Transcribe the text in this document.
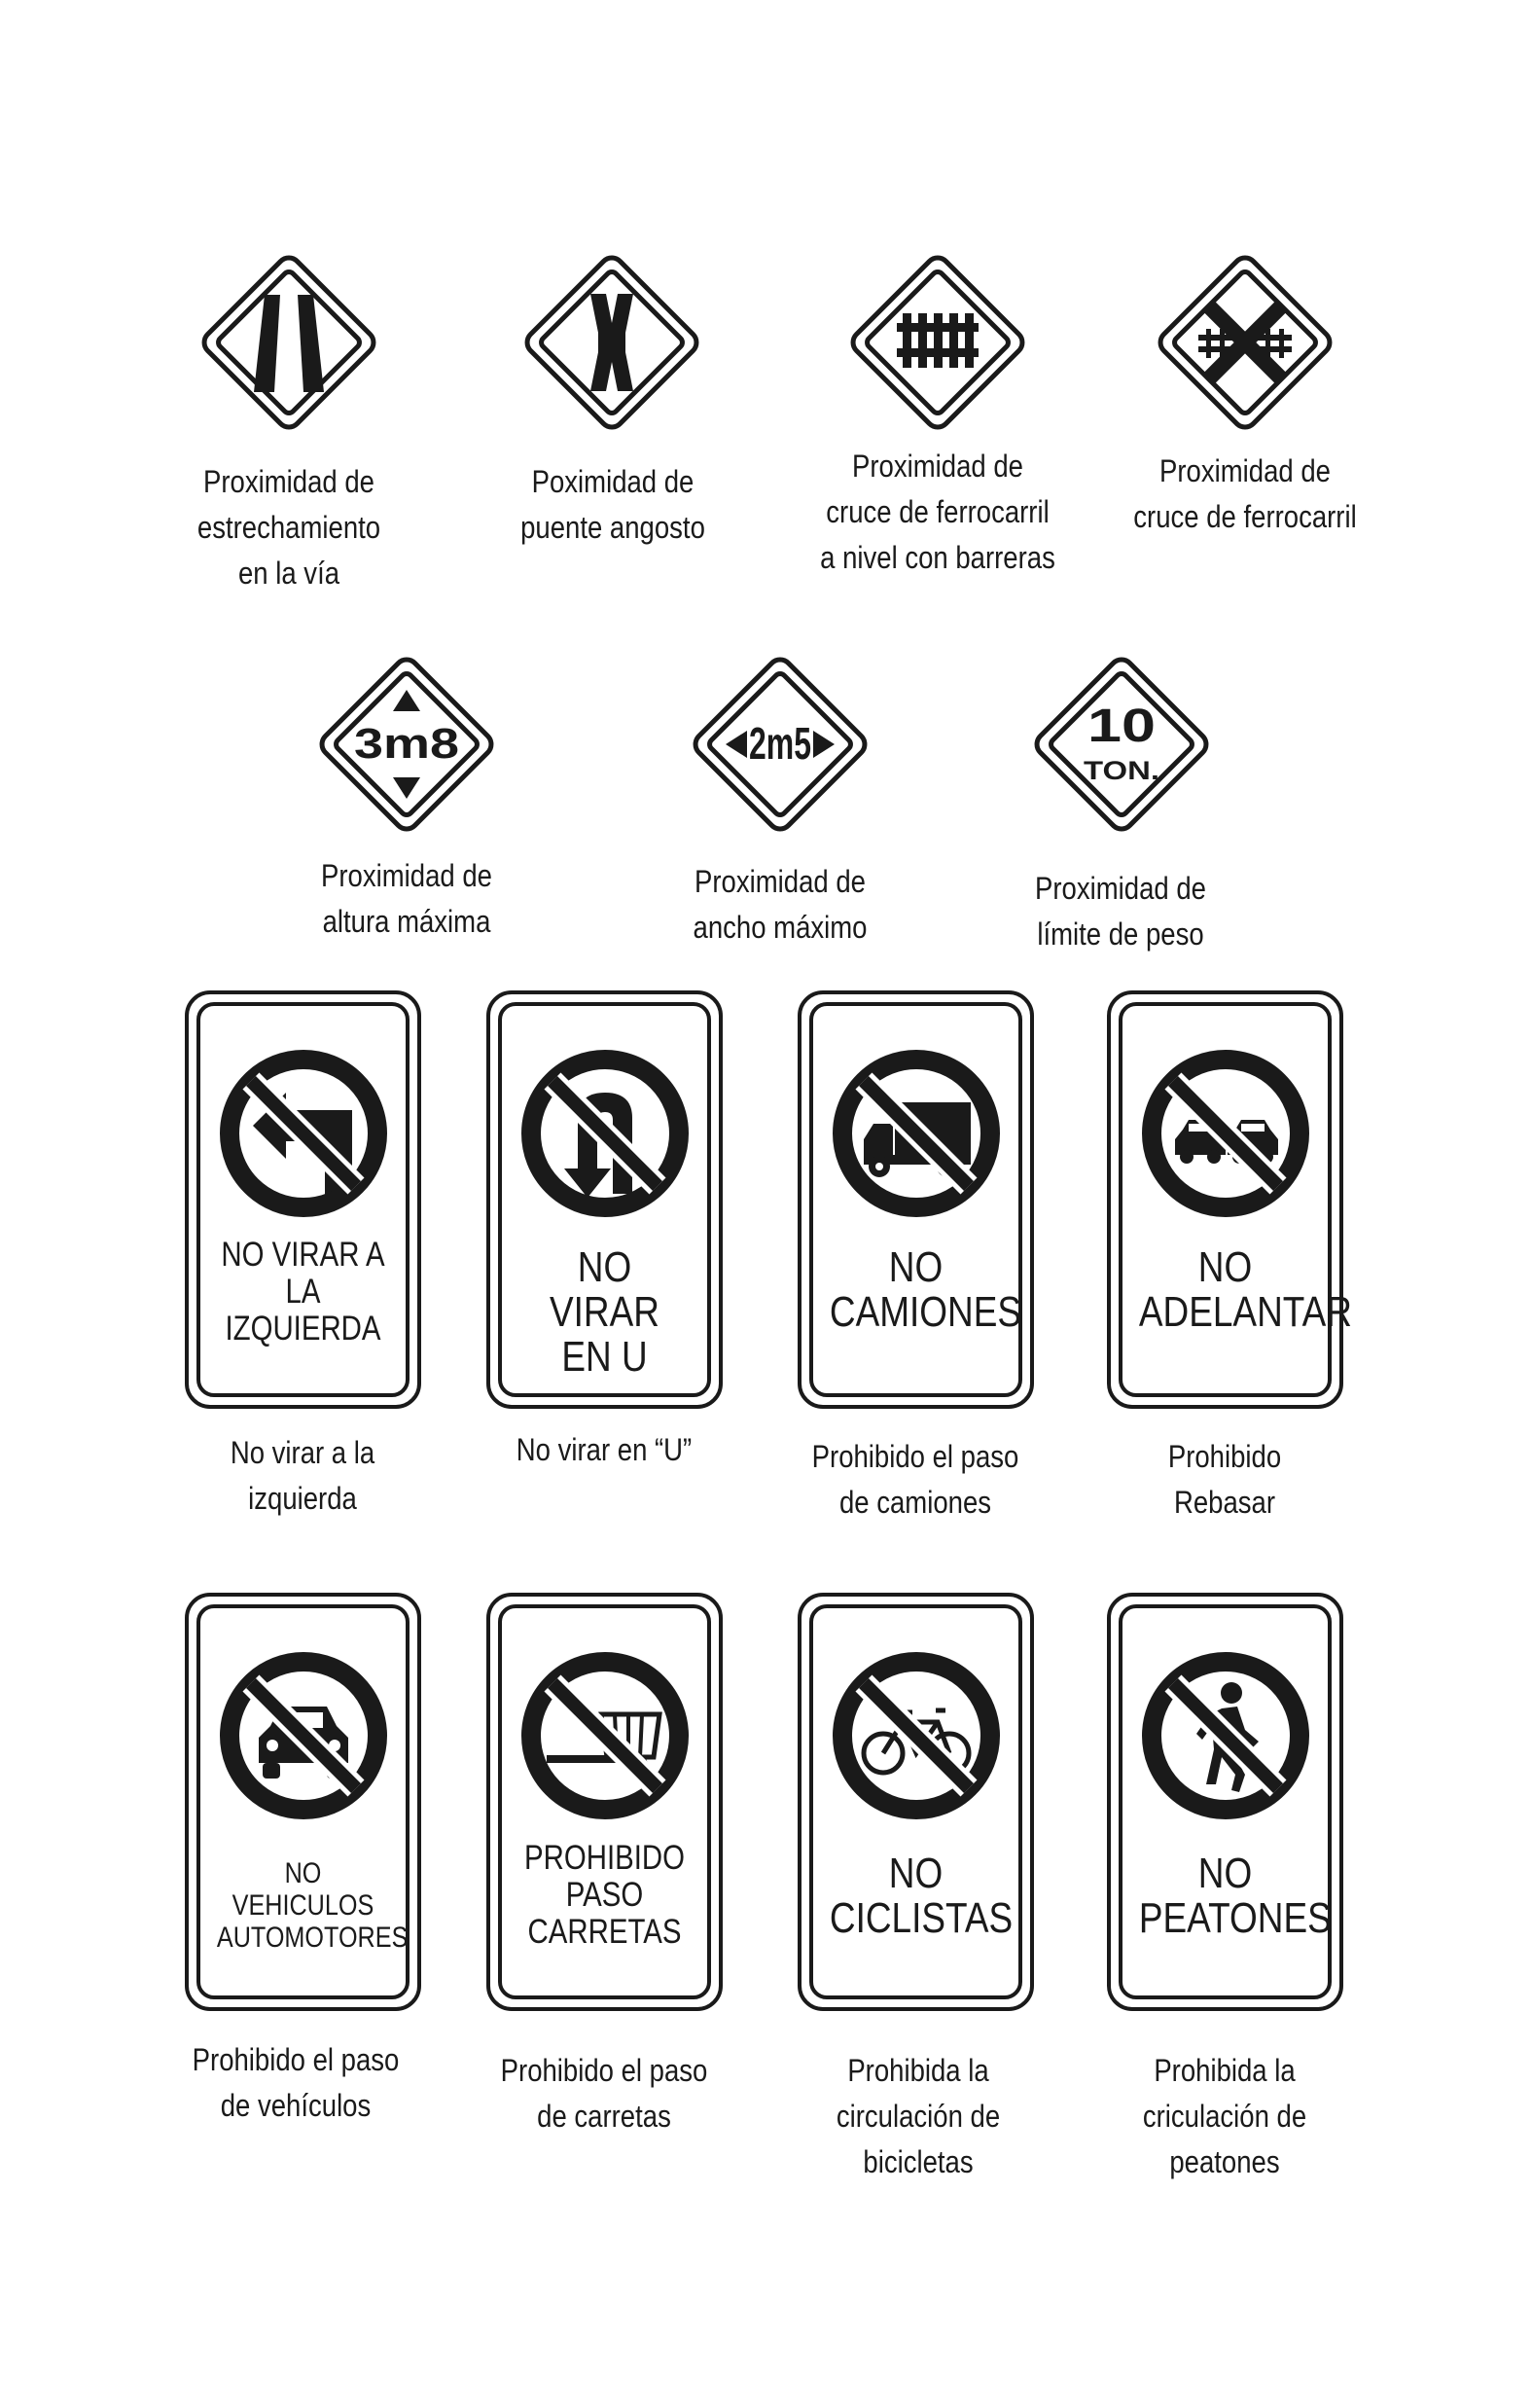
Proximidad de
estrechamiento
en la vía
Poximidad de
puente angosto
Proximidad de
cruce de ferrocarril
a nivel con barreras
Proximidad de
cruce de ferrocarril
3m8
Proximidad de
altura máxima
2m5
Proximidad de
ancho máximo
10
TON.
Proximidad de
límite de peso
NO VIRAR A
LA
IZQUIERDA
No virar a la
izquierda
NO VIRAR
EN U
No virar en “U”
NO
CAMIONES
Prohibido el paso
de camiones
NO
ADELANTAR
Prohibido
Rebasar
NO
VEHICULOS
AUTOMOTORES
Prohibido el paso
de vehículos
PROHIBIDO
PASO
CARRETAS
Prohibido el paso
de carretas
NO
CICLISTAS
Prohibida la
circulación de
bicicletas
NO
PEATONES
Prohibida la
criculación de
peatones
